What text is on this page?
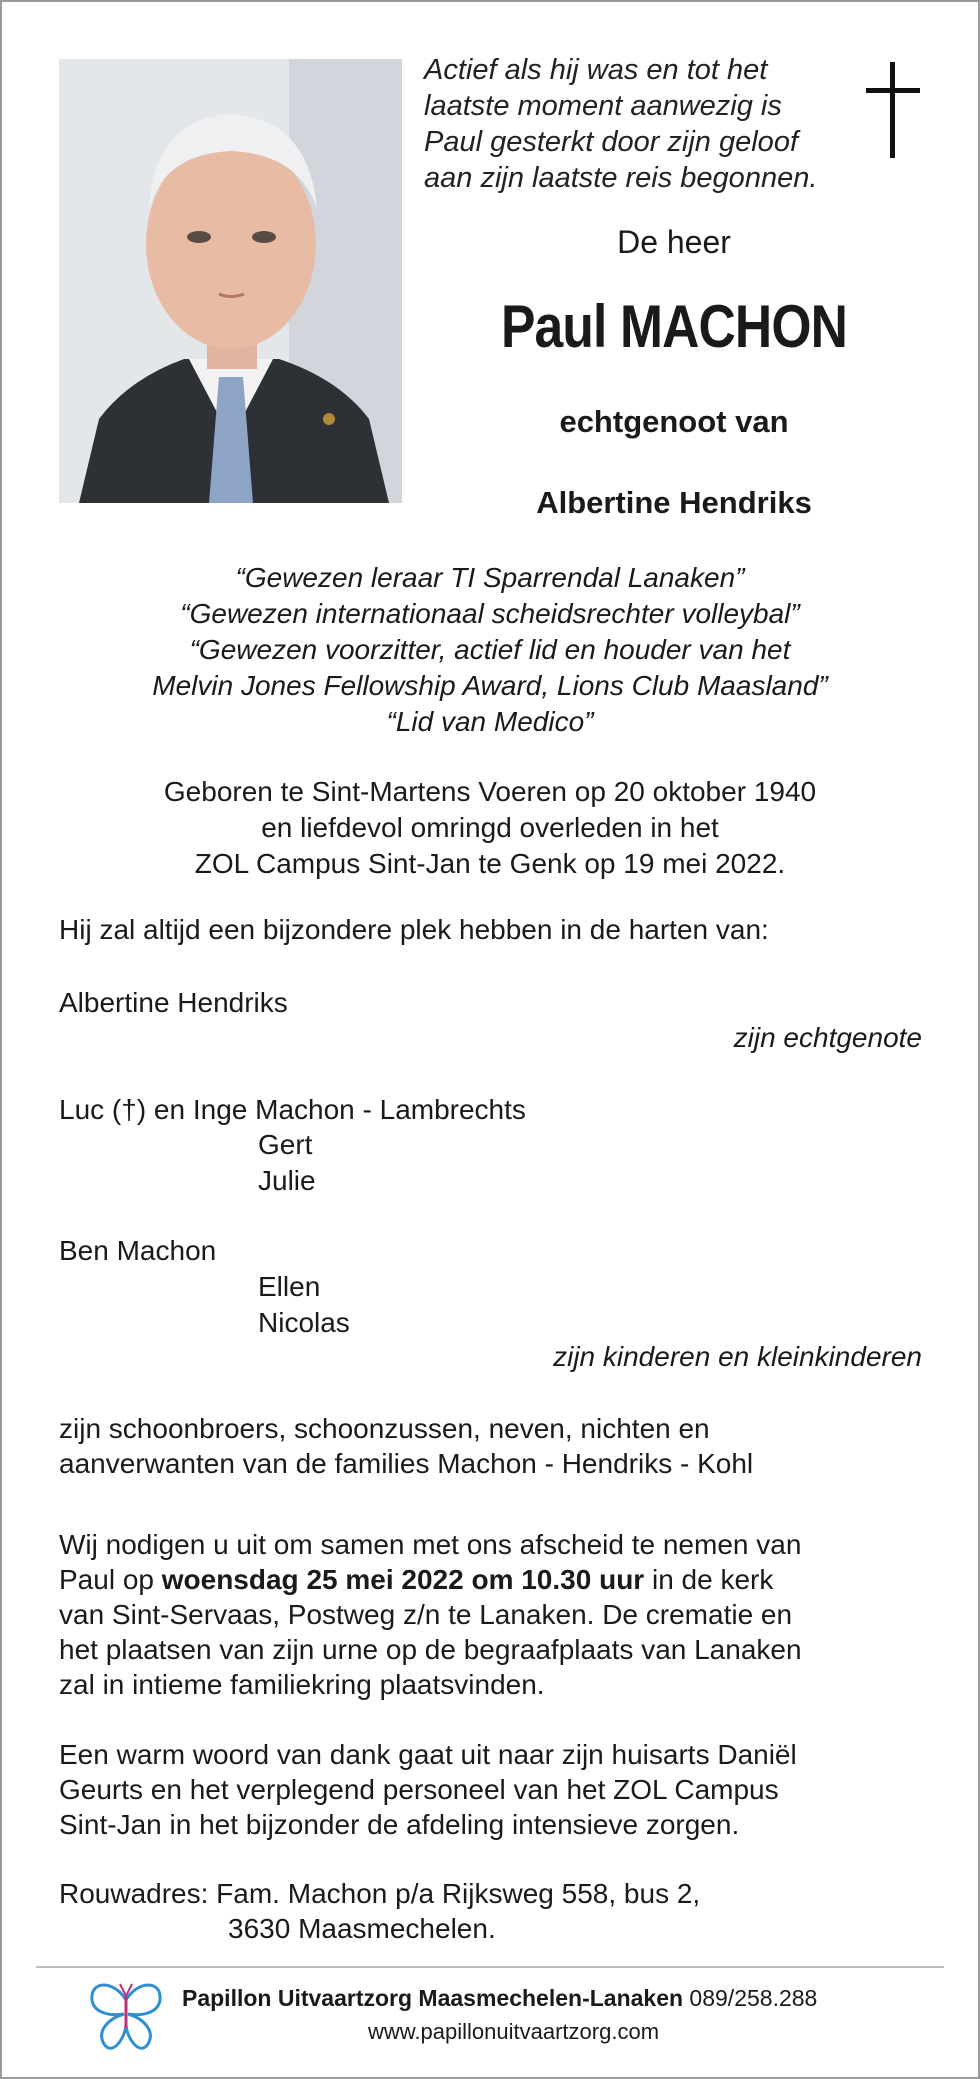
Actief als hij was en tot het
laatste moment aanwezig is
Paul gesterkt door zijn geloof
aan zijn laatste reis begonnen.
De heer
Paul MACHON
echtgenoot van
Albertine Hendriks
“Gewezen leraar TI Sparrendal Lanaken”
“Gewezen internationaal scheidsrechter volleybal”
“Gewezen voorzitter, actief lid en houder van het
Melvin Jones Fellowship Award, Lions Club Maasland”
“Lid van Medico”
Geboren te Sint-Martens Voeren op 20 oktober 1940
en liefdevol omringd overleden in het
ZOL Campus Sint-Jan te Genk op 19 mei 2022.
Hij zal altijd een bijzondere plek hebben in de harten van:
Albertine Hendriks
zijn echtgenote
Luc (†) en Inge Machon - Lambrechts
Gert
Julie
Ben Machon
Ellen
Nicolas
zijn kinderen en kleinkinderen
zijn schoonbroers, schoonzussen, neven, nichten en
aanverwanten van de families Machon - Hendriks - Kohl
Wij nodigen u uit om samen met ons afscheid te nemen van
Paul op woensdag 25 mei 2022 om 10.30 uur in de kerk
van Sint-Servaas, Postweg z/n te Lanaken. De crematie en
het plaatsen van zijn urne op de begraafplaats van Lanaken
zal in intieme familiekring plaatsvinden.
Een warm woord van dank gaat uit naar zijn huisarts Daniël
Geurts en het verplegend personeel van het ZOL Campus
Sint-Jan in het bijzonder de afdeling intensieve zorgen.
Rouwadres: Fam. Machon p/a Rijksweg 558, bus 2,
3630 Maasmechelen.
Papillon Uitvaartzorg Maasmechelen-Lanaken 089/258.288
www.papillonuitvaartzorg.com
